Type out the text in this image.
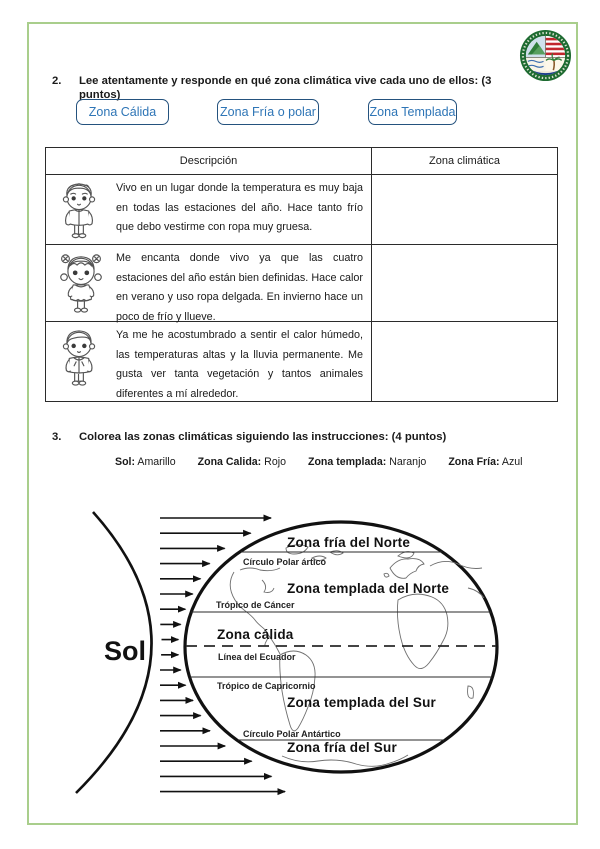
2.	Lee atentamente y responde en qué zona climática vive cada uno de ellos: (3 puntos)
Zona Cálida	Zona Fría o polar	Zona Templada
Descripción	Zona climática
Vivo en un lugar donde la temperatura es muy baja en todas las estaciones del año. Hace tanto frío que debo vestirme con ropa muy gruesa.
Me encanta donde vivo ya que las cuatro estaciones del año están bien definidas. Hace calor en verano y uso ropa delgada. En invierno hace un poco de frío y llueve.
Ya me he acostumbrado a sentir el calor húmedo, las temperaturas altas y la lluvia permanente. Me gusta ver tanta vegetación y tantos animales diferentes a mí alrededor.
3.	Colorea las zonas climáticas siguiendo las instrucciones: (4 puntos)
Sol: Amarillo Zona Calida: Rojo Zona templada: Naranjo Zona Fría: Azul
Sol
Zona fría del Norte
Círculo Polar ártico
Zona templada del Norte
Trópico de Cáncer
Zona cálida
Línea del Ecuador
Trópico de Capricornio
Zona templada del Sur
Círculo Polar Antártico
Zona fría del Sur
